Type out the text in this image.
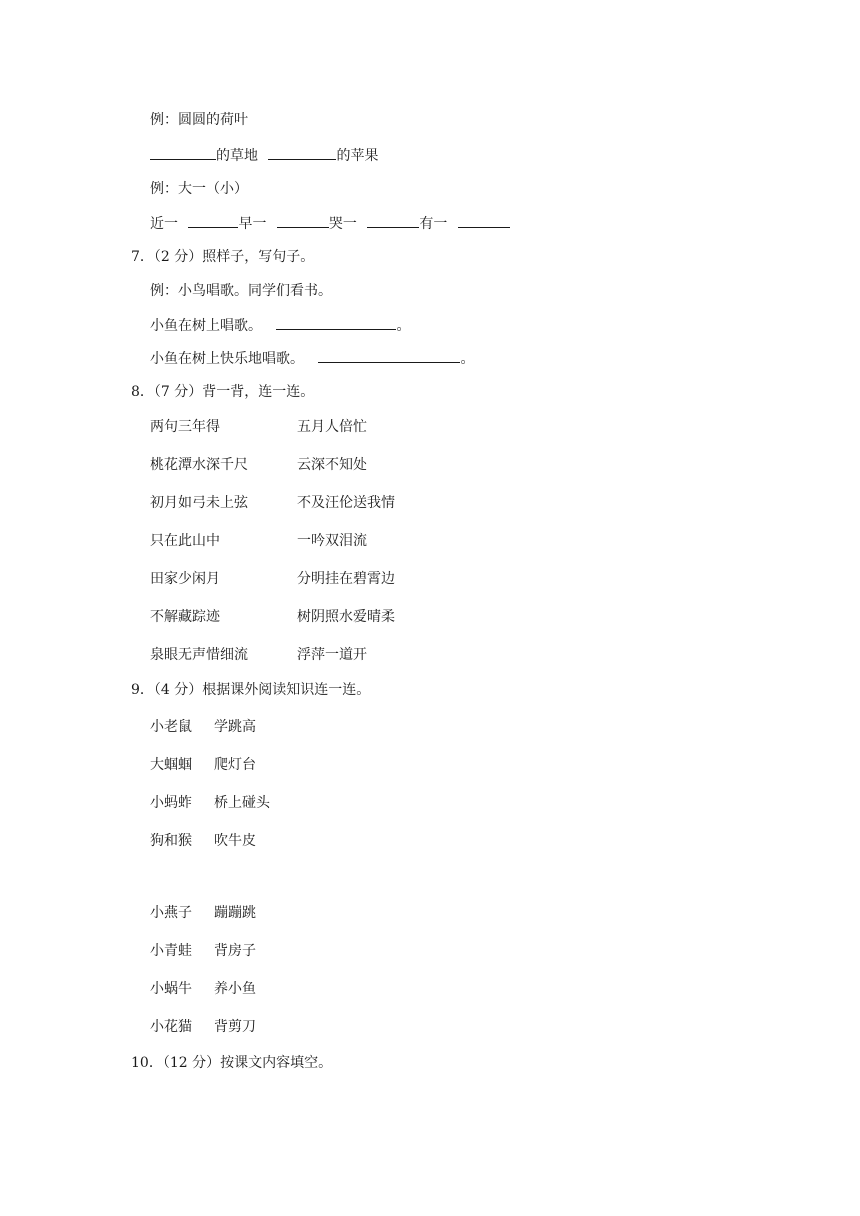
例：圆圆的荷叶
的草地	的苹果
例：大一（小）
近一	早一	哭一	有一
7．（2 分）照样子，写句子。
例：小鸟唱歌。同学们看书。
小鱼在树上唱歌。	。
小鱼在树上快乐地唱歌。	。
8．（7 分）背一背，连一连。
两句三年得	五月人倍忙
桃花潭水深千尺	云深不知处
初月如弓未上弦	不及汪伦送我情
只在此山中	一吟双泪流
田家少闲月	分明挂在碧霄边
不解藏踪迹	树阴照水爱晴柔
泉眼无声惜细流	浮萍一道开
9．（4 分）根据课外阅读知识连一连。
小老鼠 学跳高
大蝈蝈 爬灯台
小蚂蚱 桥上碰头
狗和猴 吹牛皮
小燕子 蹦蹦跳
小青蛙 背房子
小蜗牛 养小鱼
小花猫 背剪刀
10．（12 分）按课文内容填空。
